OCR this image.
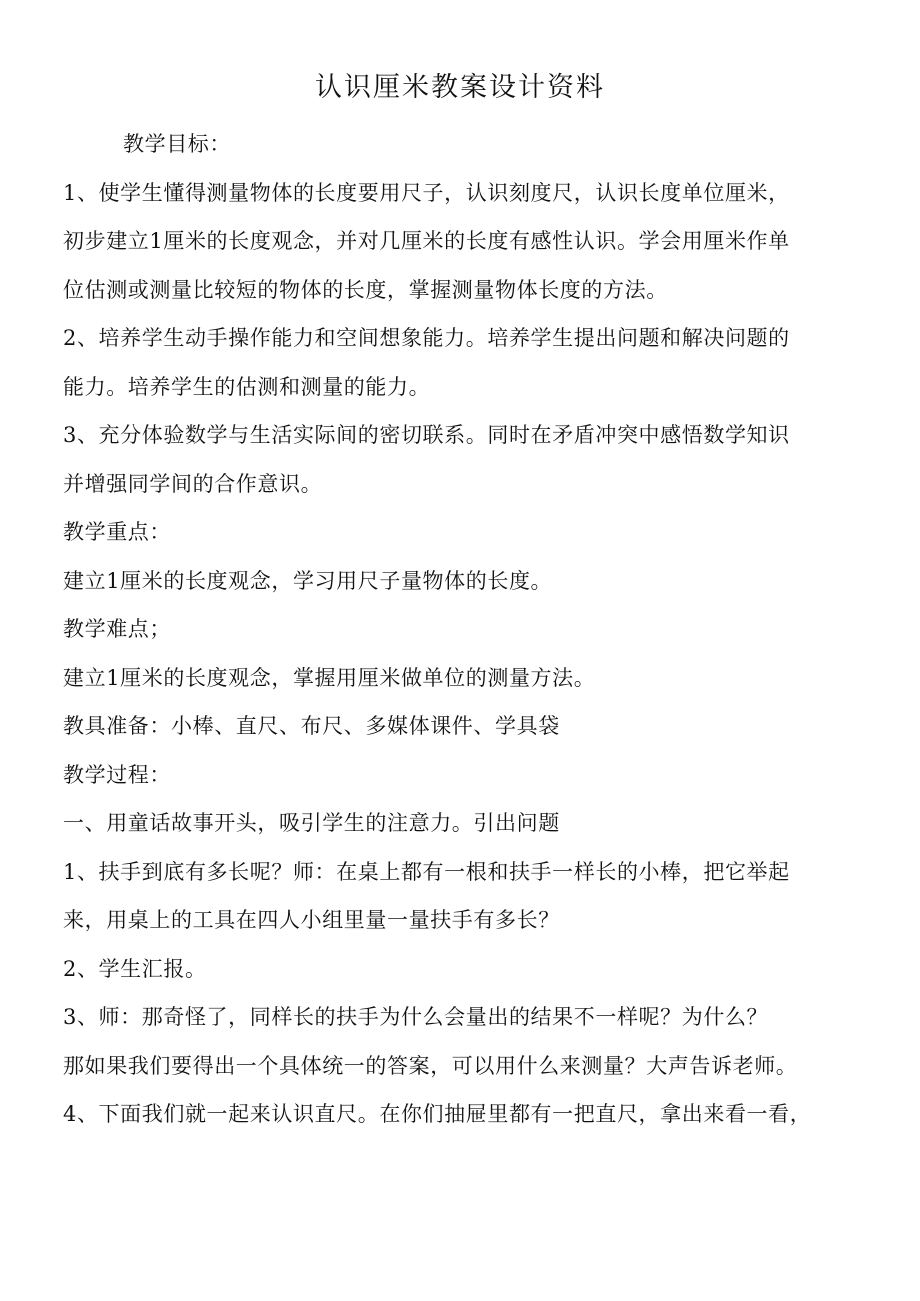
认识厘米教案设计资料
教学目标：
1、使学生懂得测量物体的长度要用尺子，认识刻度尺，认识长度单位厘米，
初步建立1厘米的长度观念，并对几厘米的长度有感性认识。学会用厘米作单
位估测或测量比较短的物体的长度，掌握测量物体长度的方法。
2、培养学生动手操作能力和空间想象能力。培养学生提出问题和解决问题的
能力。培养学生的估测和测量的能力。
3、充分体验数学与生活实际间的密切联系。同时在矛盾冲突中感悟数学知识
并增强同学间的合作意识。
教学重点：
建立1厘米的长度观念，学习用尺子量物体的长度。
教学难点；
建立1厘米的长度观念，掌握用厘米做单位的测量方法。
教具准备：小棒、直尺、布尺、多媒体课件、学具袋
教学过程：
一、用童话故事开头，吸引学生的注意力。引出问题
1、扶手到底有多长呢？师：在桌上都有一根和扶手一样长的小棒，把它举起
来，用桌上的工具在四人小组里量一量扶手有多长？
2、学生汇报。
3、师：那奇怪了，同样长的扶手为什么会量出的结果不一样呢？为什么？
那如果我们要得出一个具体统一的答案，可以用什么来测量？大声告诉老师。
4、下面我们就一起来认识直尺。在你们抽屉里都有一把直尺，拿出来看一看，
